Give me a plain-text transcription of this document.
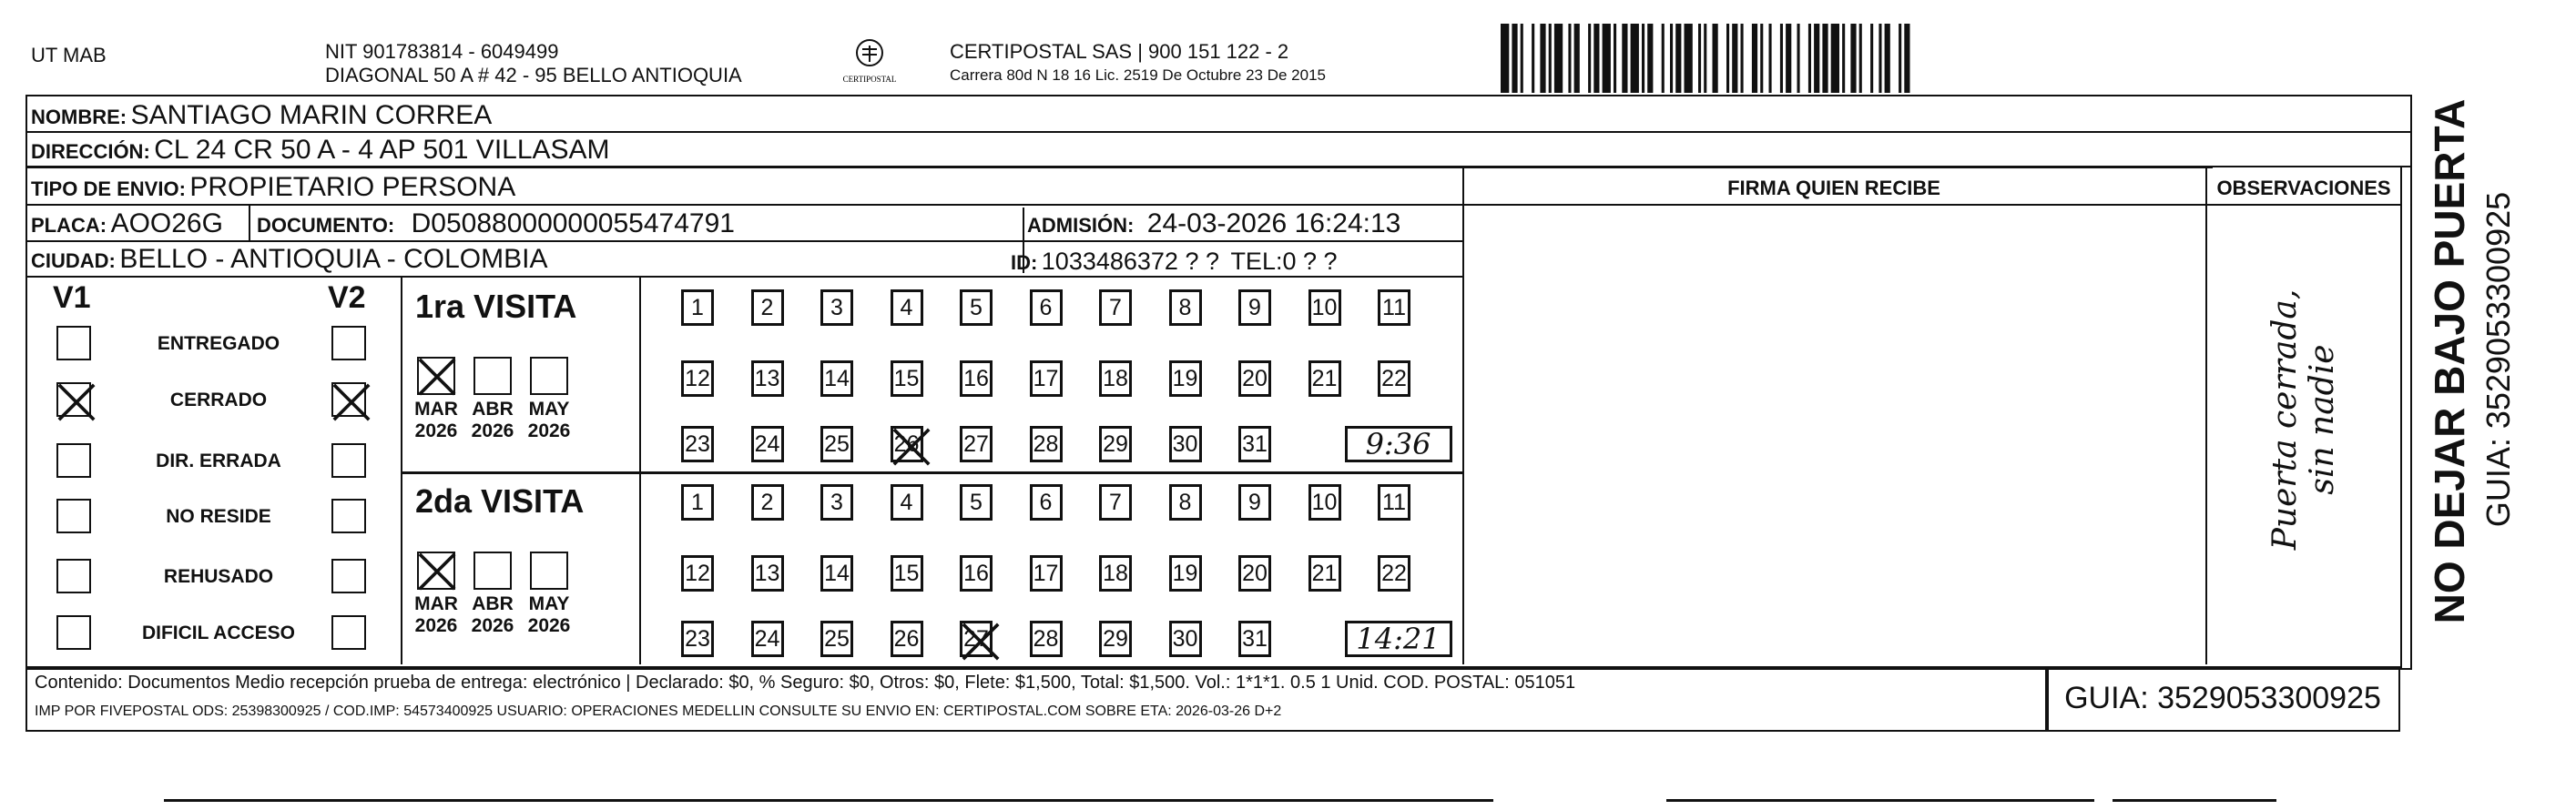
UT MAB	NIT 901783814 - 6049499
DIAGONAL 50 A # 42 - 95 BELLO ANTIOQUIA	CERTIPOSTAL
CERTIPOSTAL SAS | 900 151 122 - 2
Carrera 80d N 18 16 Lic. 2519 De Octubre 23 De 2015
NOMBRE: SANTIAGO MARIN CORREA
DIRECCIÓN: CL 24 CR 50 A - 4 AP 501 VILLASAM
TIPO DE ENVIO: PROPIETARIO PERSONA
PLACA: AOO26G DOCUMENTO: D05088000000055474791	ADMISIÓN: 24-03-2026 16:24:13
CIUDAD: BELLO - ANTIOQUIA - COLOMBIA	ID: 1033486372 ? ? TEL:0 ? ?
FIRMA QUIEN RECIBE	OBSERVACIONES
Puerta cerrada, sin nadie
V1	V2
ENTREGADO
CERRADO
DIR. ERRADA
NO RESIDE
REHUSADO
DIFICIL ACCESO
1ra VISITA
MAR
2026
ABR
2026
MAY
2026
1	2	3	4	5	6	7	8	9	10 11
12 13 14 15 16 17 18 19 20 21 22
23 24 25 26 27 28 29 30 31	9:36
2da VISITA
MAR
2026
ABR
2026
MAY
2026
1	2	3	4	5	6	7	8	9	10 11
12 13 14 15 16 17 18 19 20 21 22
23 24 25 26 27 28 29 30 31	14:21
Contenido: Documentos Medio recepción prueba de entrega: electrónico | Declarado: $0, % Seguro: $0, Otros: $0, Flete: $1,500, Total: $1,500. Vol.: 1*1*1. 0.5 1 Unid. COD. POSTAL: 051051
IMP POR FIVEPOSTAL ODS: 25398300925 / COD.IMP: 54573400925 USUARIO: OPERACIONES MEDELLIN CONSULTE SU ENVIO EN: CERTIPOSTAL.COM SOBRE ETA: 2026-03-26 D+2	GUIA: 3529053300925
NO DEJAR BAJO PUERTA GUIA: 3529053300925
